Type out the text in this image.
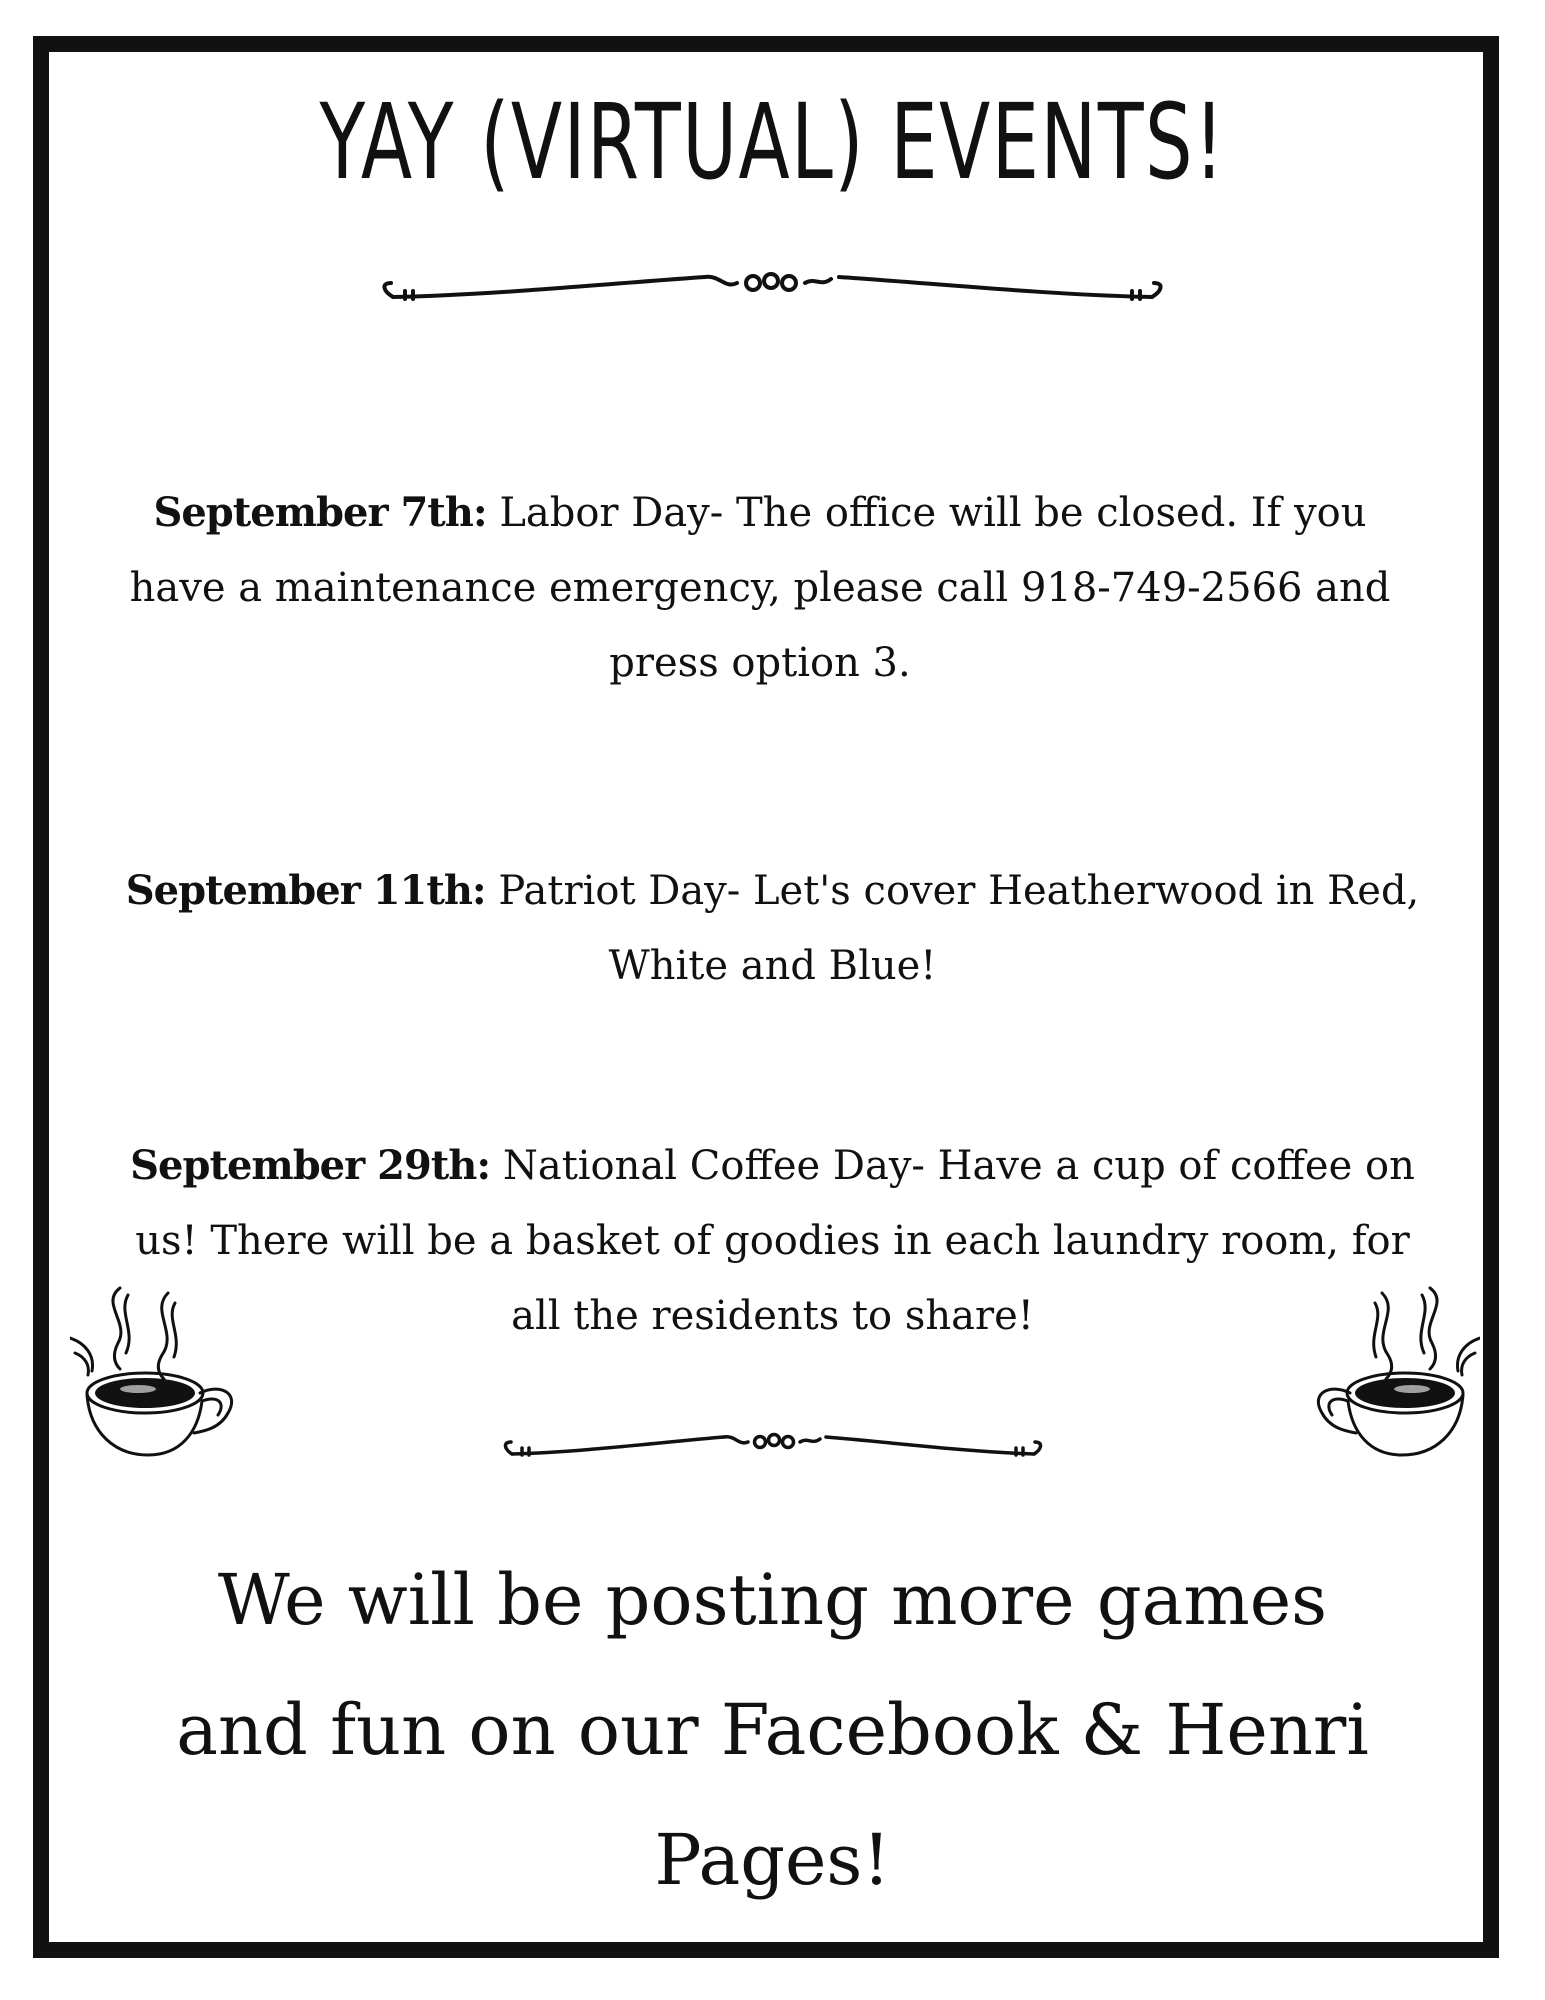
YAY (VIRTUAL) EVENTS!

September 7th: Labor Day- The office will be closed. If you have a maintenance emergency, please call 918-749-2566 and press option 3.

September 11th: Patriot Day- Let's cover Heatherwood in Red, White and Blue!

September 29th: National Coffee Day- Have a cup of coffee on us! There will be a basket of goodies in each laundry room, for all the residents to share!

We will be posting more games and fun on our Facebook & Henri Pages!
